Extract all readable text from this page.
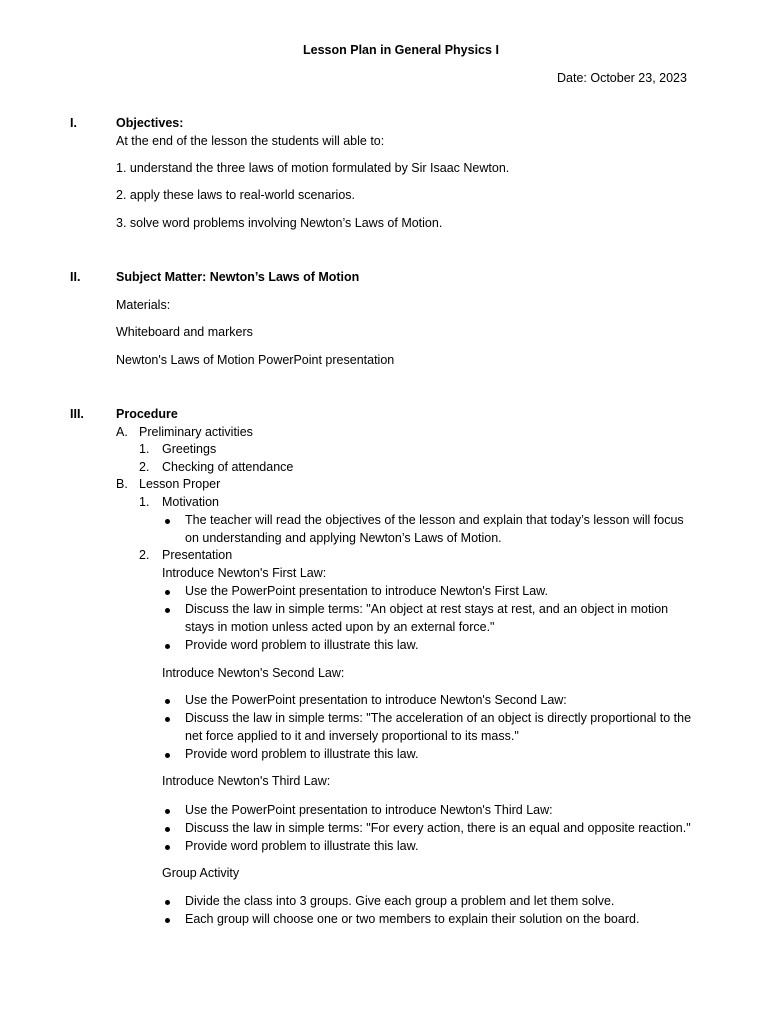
Lesson Plan in General Physics I
Date: October 23, 2023
I.	Objectives:
At the end of the lesson the students will able to:
1. understand the three laws of motion formulated by Sir Isaac Newton.
2. apply these laws to real-world scenarios.
3. solve word problems involving Newton’s Laws of Motion.
II.	Subject Matter: Newton’s Laws of Motion
Materials:
Whiteboard and markers
Newton's Laws of Motion PowerPoint presentation
III.	Procedure
A. Preliminary activities
1. Greetings
2. Checking of attendance
B. Lesson Proper
1. Motivation
The teacher will read the objectives of the lesson and explain that today’s lesson will focus
on understanding and applying Newton’s Laws of Motion.
2. Presentation
Introduce Newton's First Law:
Use the PowerPoint presentation to introduce Newton's First Law.
Discuss the law in simple terms: "An object at rest stays at rest, and an object in motion
stays in motion unless acted upon by an external force."
Provide word problem to illustrate this law.
Introduce Newton's Second Law:
Use the PowerPoint presentation to introduce Newton's Second Law:
Discuss the law in simple terms: "The acceleration of an object is directly proportional to the
net force applied to it and inversely proportional to its mass."
Provide word problem to illustrate this law.
Introduce Newton's Third Law:
Use the PowerPoint presentation to introduce Newton's Third Law:
Discuss the law in simple terms: "For every action, there is an equal and opposite reaction."
Provide word problem to illustrate this law.
Group Activity
Divide the class into 3 groups. Give each group a problem and let them solve.
Each group will choose one or two members to explain their solution on the board.
